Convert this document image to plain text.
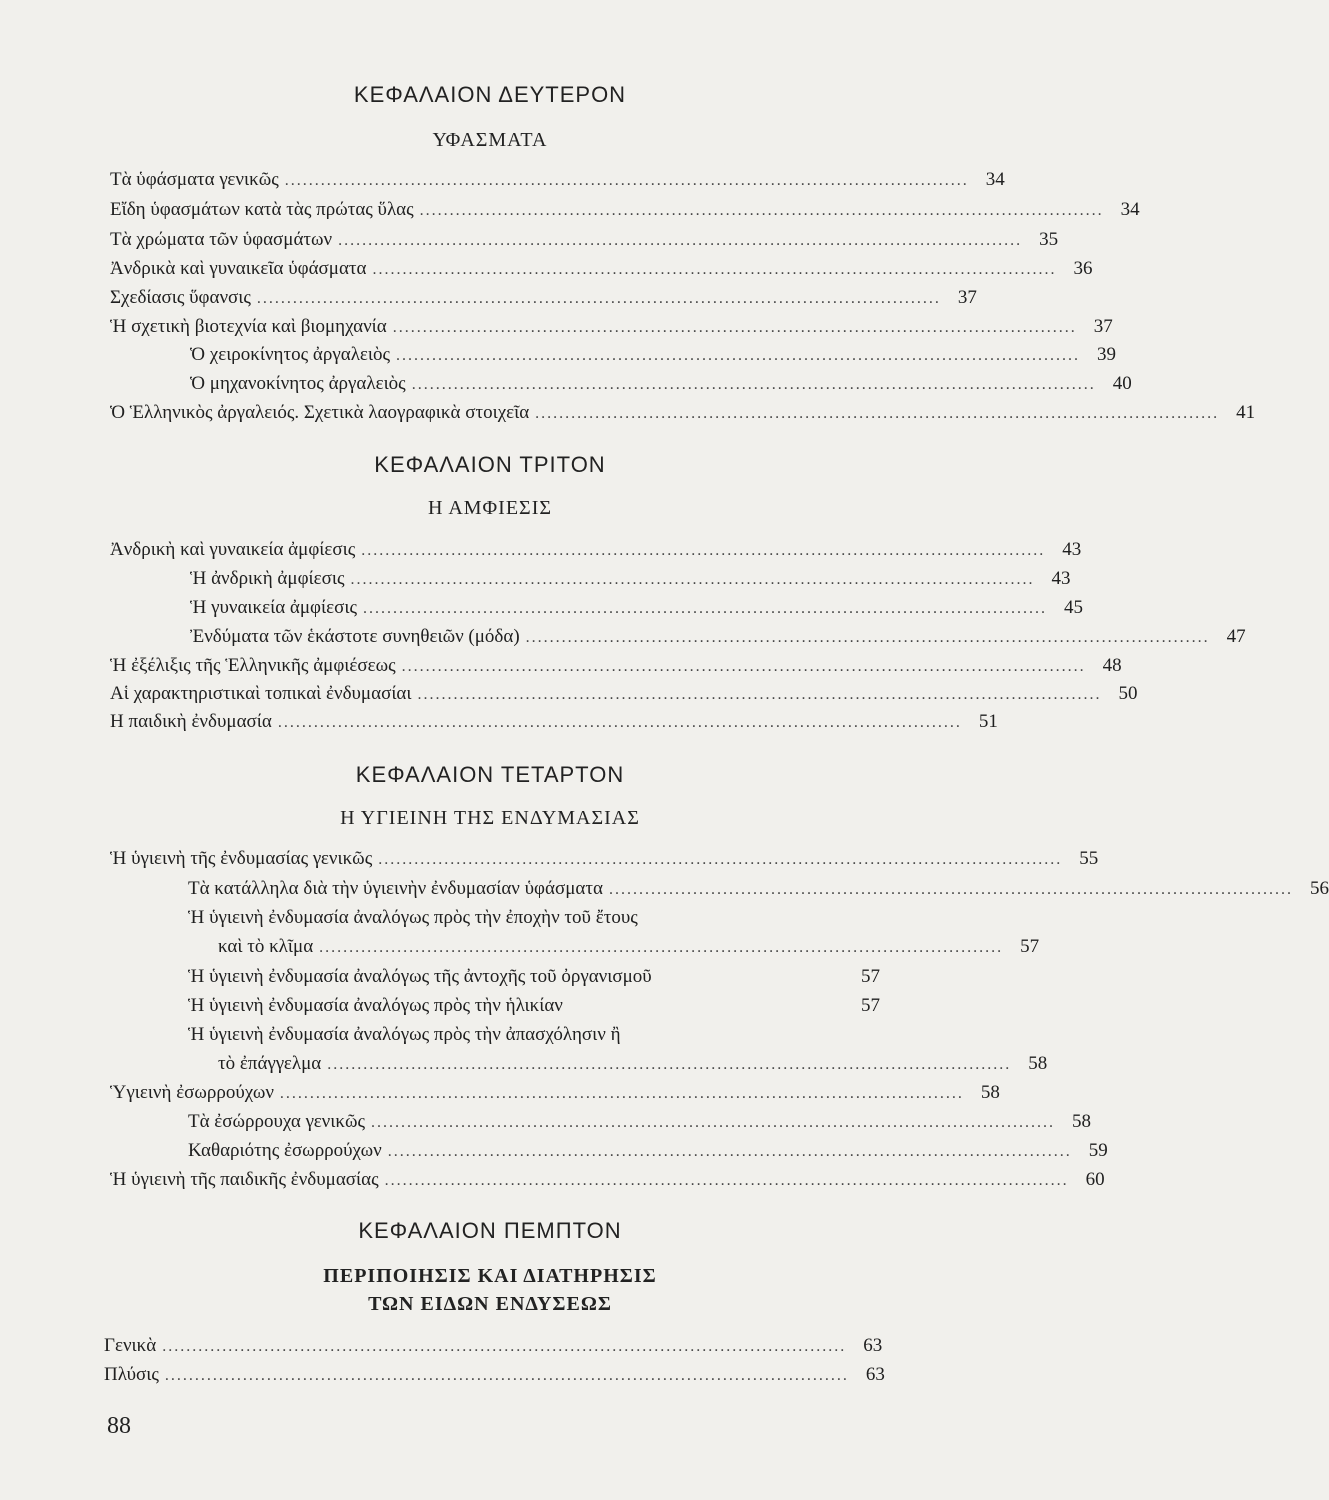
ΚΕΦΑΛΑΙΟΝ ΔΕΥΤΕΡΟΝ
ΥΦΑΣΜΑΤΑ
Τὰ ὑφάσματα γενικῶς .................................................................................................................. 34
Εἴδη ὑφασμάτων κατὰ τὰς πρώτας ὕλας .................................................................................................................. 34
Τὰ χρώματα τῶν ὑφασμάτων .................................................................................................................. 35
Ἀνδρικὰ καὶ γυναικεῖα ὑφάσματα .................................................................................................................. 36
Σχεδίασις ὕφανσις .................................................................................................................. 37
Ἡ σχετικὴ βιοτεχνία καὶ βιομηχανία .................................................................................................................. 37
Ὁ χειροκίνητος ἀργαλειὸς .................................................................................................................. 39
Ὁ μηχανοκίνητος ἀργαλειὸς .................................................................................................................. 40
Ὁ Ἑλληνικὸς ἀργαλειός. Σχετικὰ λαογραφικὰ στοιχεῖα .................................................................................................................. 41
ΚΕΦΑΛΑΙΟΝ ΤΡΙΤΟΝ
Η ΑΜΦΙΕΣΙΣ
Ἀνδρικὴ καὶ γυναικεία ἀμφίεσις .................................................................................................................. 43
Ἡ ἀνδρικὴ ἀμφίεσις .................................................................................................................. 43
Ἡ γυναικεία ἀμφίεσις .................................................................................................................. 45
Ἐνδύματα τῶν ἑκάστοτε συνηθειῶν (μόδα) .................................................................................................................. 47
Ἡ ἐξέλιξις τῆς Ἑλληνικῆς ἀμφιέσεως .................................................................................................................. 48
Αἱ χαρακτηριστικαὶ τοπικαὶ ἐνδυμασίαι .................................................................................................................. 50
Η παιδικὴ ἐνδυμασία .................................................................................................................. 51
ΚΕΦΑΛΑΙΟΝ ΤΕΤΑΡΤΟΝ
Η ΥΓΙΕΙΝΗ ΤΗΣ ΕΝΔΥΜΑΣΙΑΣ
Ἡ ὑγιεινὴ τῆς ἐνδυμασίας γενικῶς .................................................................................................................. 55
Τὰ κατάλληλα διὰ τὴν ὑγιεινὴν ἐνδυμασίαν ὑφάσματα .................................................................................................................. 56
Ἡ ὑγιεινὴ ἐνδυμασία ἀναλόγως πρὸς τὴν ἐποχὴν τοῦ ἔτους
καὶ τὸ κλῖμα .................................................................................................................. 57
Ἡ ὑγιεινὴ ἐνδυμασία ἀναλόγως τῆς ἀντοχῆς τοῦ ὀργανισμοῦ	57
Ἡ ὑγιεινὴ ἐνδυμασία ἀναλόγως πρὸς τὴν ἡλικίαν	57
Ἡ ὑγιεινὴ ἐνδυμασία ἀναλόγως πρὸς τὴν ἀπασχόλησιν ἢ
τὸ ἐπάγγελμα .................................................................................................................. 58
Ὑγιεινὴ ἐσωρρούχων .................................................................................................................. 58
Τὰ ἐσώρρουχα γενικῶς .................................................................................................................. 58
Καθαριότης ἐσωρρούχων .................................................................................................................. 59
Ἡ ὑγιεινὴ τῆς παιδικῆς ἐνδυμασίας .................................................................................................................. 60
ΚΕΦΑΛΑΙΟΝ ΠΕΜΠΤΟΝ
ΠΕΡΙΠΟΙΗΣΙΣ ΚΑΙ ΔΙΑΤΗΡΗΣΙΣ
ΤΩΝ ΕΙΔΩΝ ΕΝΔΥΣΕΩΣ
Γενικὰ .................................................................................................................. 63
Πλύσις .................................................................................................................. 63
88
